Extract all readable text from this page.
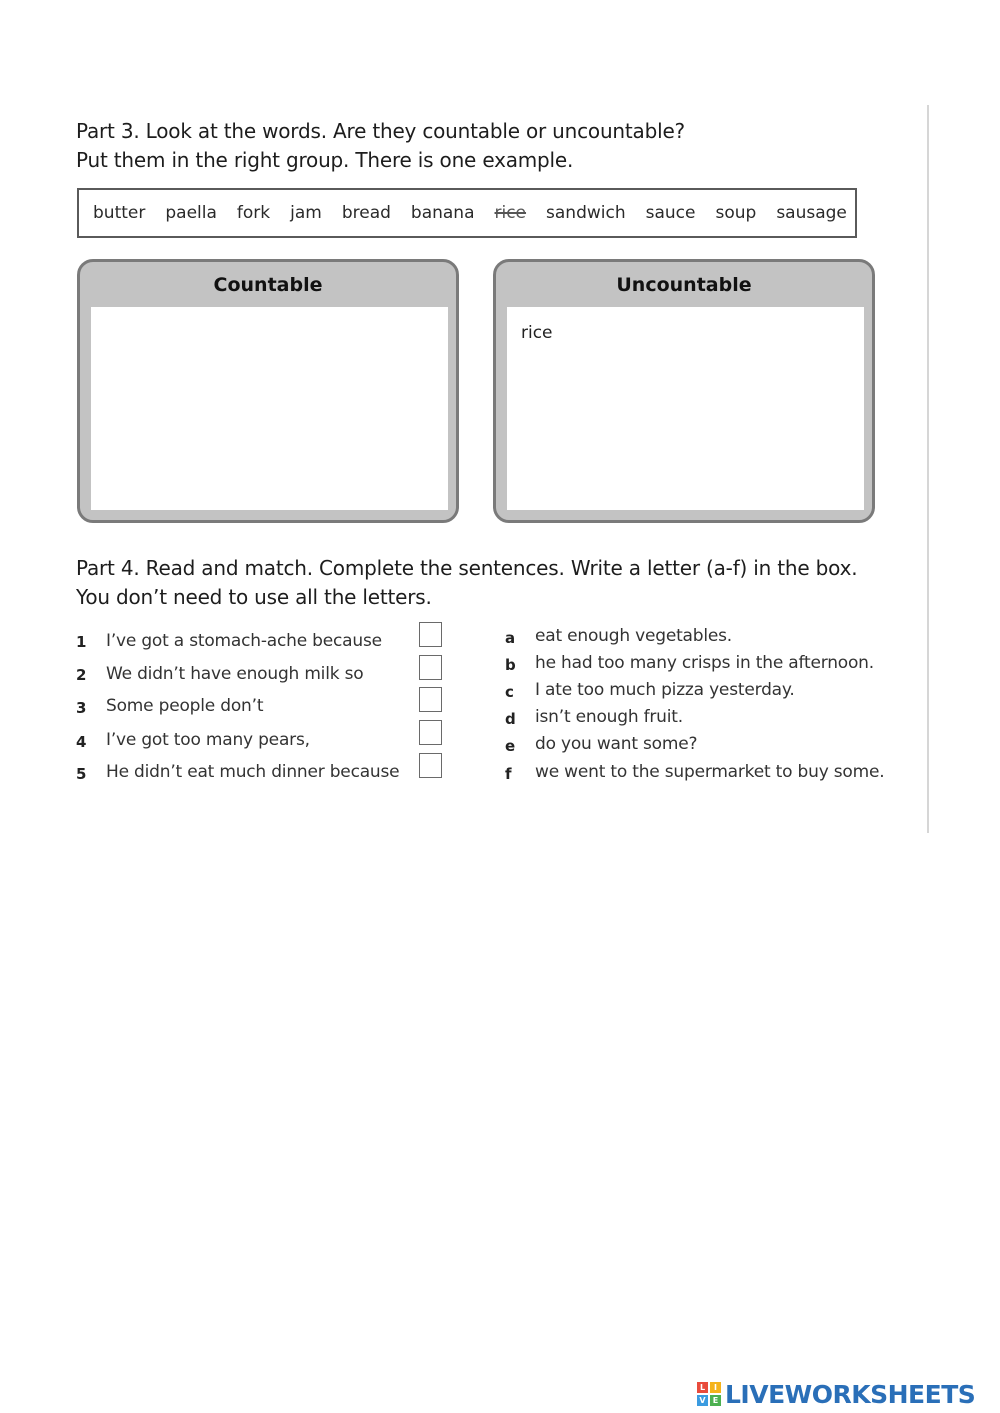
Part 3. Look at the words. Are they countable or uncountable?
Put them in the right group. There is one example.
butter paella fork jam bread banana rice sandwich sauce soup sausage
Countable	Uncountable
rice
Part 4. Read and match. Complete the sentences. Write a letter (a-f) in the box.
You don’t need to use all the letters.
1 I’ve got a stomach-ache because
2 We didn’t have enough milk so
3 Some people don’t
4 I’ve got too many pears,
5 He didn’t eat much dinner because
a eat enough vegetables.
b he had too many crisps in the afternoon.
c I ate too much pizza yesterday.
d isn’t enough fruit.
e do you want some?
f we went to the supermarket to buy some.
L	I
V E LIVEWORKSHEETS
